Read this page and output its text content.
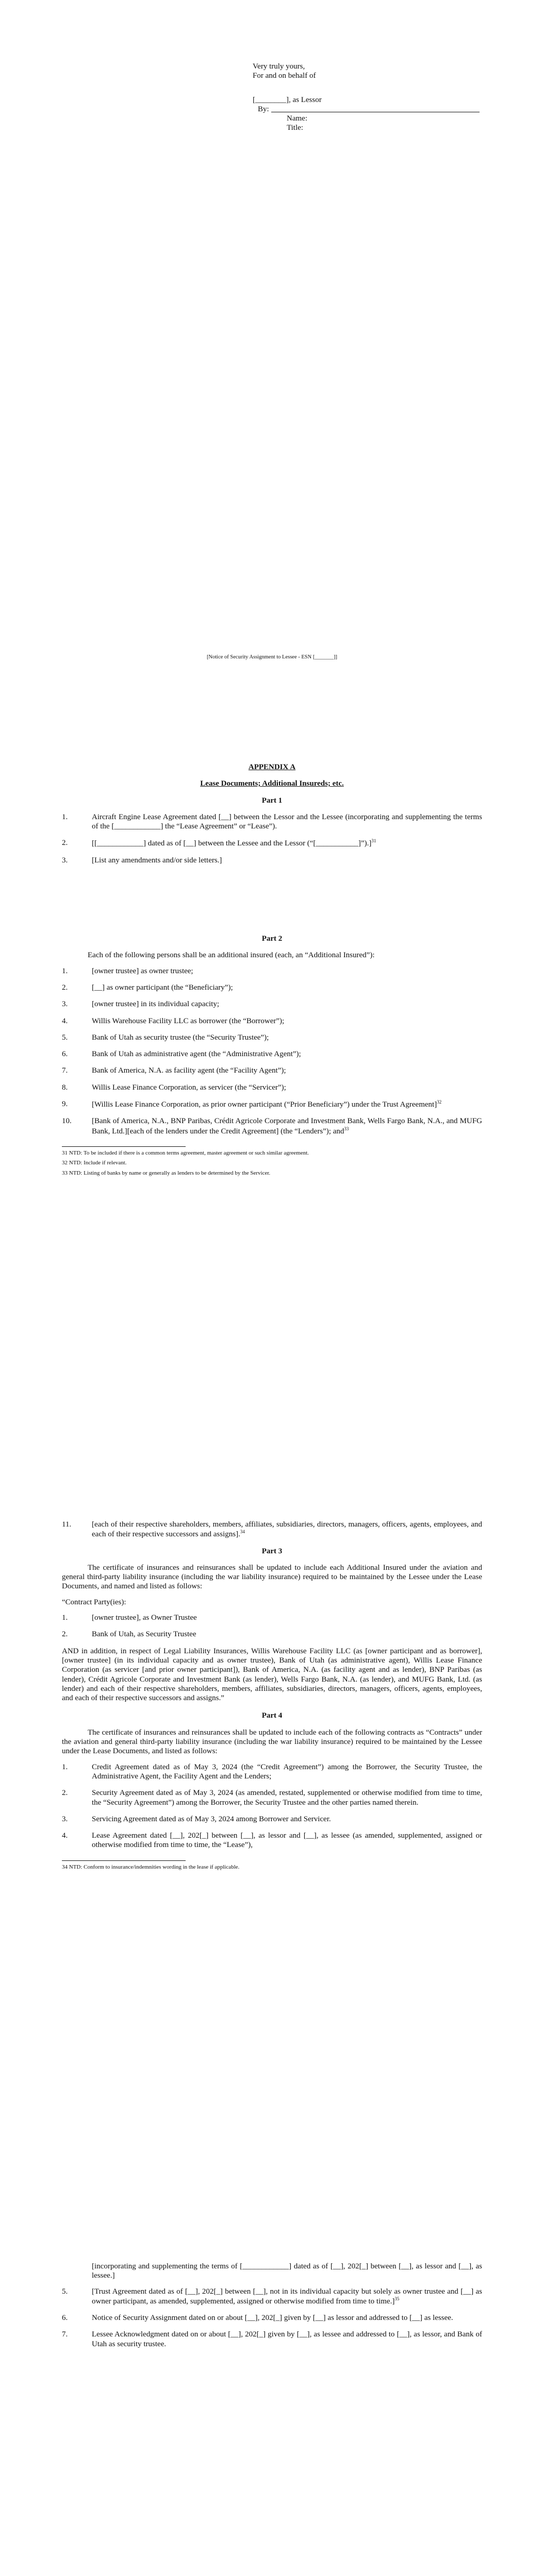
Very truly yours,
For and on behalf of
[________], as Lessor
By:
Name:
Title:
[Notice of Security Assignment to Lessee - ESN [_______]]
APPENDIX A
Lease Documents; Additional Insureds; etc.
Part 1
1.	Aircraft Engine Lease Agreement dated [__] between the Lessor and the Lessee (incorporating and supplementing the terms of the [____________] the “Lease Agreement” or “Lease”).
2.	[[____________] dated as of [__] between the Lessee and the Lessor (“[___________]”).]$^{31}$
3.	[List any amendments and/or side letters.]
Part 2

Each of the following persons shall be an additional insured (each, an “Additional Insured”):

1.	[owner trustee] as owner trustee;
2.	[__] as owner participant (the “Beneficiary”);
3.	[owner trustee] in its individual capacity;
4.	Willis Warehouse Facility LLC as borrower (the “Borrower”);
5.	Bank of Utah as security trustee (the “Security Trustee”);
6.	Bank of Utah as administrative agent (the “Administrative Agent”);
7.	Bank of America, N.A. as facility agent (the “Facility Agent”);
8.	Willis Lease Finance Corporation, as servicer (the “Servicer”);
9.	[Willis Lease Finance Corporation, as prior owner participant (“Prior Beneficiary”) under the Trust Agreement]$^{32}$
10.	[Bank of America, N.A., BNP Paribas, Crédit Agricole Corporate and Investment Bank, Wells Fargo Bank, N.A., and MUFG Bank, Ltd.][each of the lenders under the Credit Agreement] (the “Lenders”); and$^{33}$

31 NTD: To be included if there is a common terms agreement, master agreement or such similar agreement.

32 NTD: Include if relevant.

33 NTD: Listing of banks by name or generally as lenders to be determined by the Servicer.

11.	[each of their respective shareholders, members, affiliates, subsidiaries, directors, managers, officers, agents, employees, and each of their respective successors and assigns].$^{34}$
Part 3

The certificate of insurances and reinsurances shall be updated to include each Additional Insured under the aviation and general third-party liability insurance (including the war liability insurance) required to be maintained by the Lessee under the Lease Documents, and named and listed as follows:

“Contract Party(ies):

1.	[owner trustee], as Owner Trustee
2.	Bank of Utah, as Security Trustee

AND in addition, in respect of Legal Liability Insurances, Willis Warehouse Facility LLC (as [owner participant and as borrower], [owner trustee] (in its individual capacity and as owner trustee), Bank of Utah (as administrative agent), Willis Lease Finance Corporation (as servicer [and prior owner participant]), Bank of America, N.A. (as facility agent and as lender), BNP Paribas (as lender), Crédit Agricole Corporate and Investment Bank (as lender), Wells Fargo Bank, N.A. (as lender), and MUFG Bank, Ltd. (as lender) and each of their respective shareholders, members, affiliates, subsidiaries, directors, managers, officers, agents, employees, and each of their respective successors and assigns.”

Part 4

The certificate of insurances and reinsurances shall be updated to include each of the following contracts as “Contracts” under the aviation and general third-party liability insurance (including the war liability insurance) required to be maintained by the Lessee under the Lease Documents, and listed as follows:

1.	Credit Agreement dated as of May 3, 2024 (the “Credit Agreement”) among the Borrower, the Security Trustee, the Administrative Agent, the Facility Agent and the Lenders;
2.	Security Agreement dated as of May 3, 2024 (as amended, restated, supplemented or otherwise modified from time to time, the “Security Agreement”) among the Borrower, the Security Trustee and the other parties named therein.
3.	Servicing Agreement dated as of May 3, 2024 among Borrower and Servicer.
4.	Lease Agreement dated [__], 202[_] between [__], as lessor and [__], as lessee (as amended, supplemented, assigned or otherwise modified from time to time, the “Lease”),

34 NTD: Conform to insurance/indemnities wording in the lease if applicable.

[incorporating and supplementing the terms of [____________] dated as of [__], 202[_] between [__], as lessor and [__], as lessee.]

5.	[Trust Agreement dated as of [__], 202[_] between [__], not in its individual capacity but solely as owner trustee and [__] as owner participant, as amended, supplemented, assigned or otherwise modified from time to time.]$^{35}$
6.	Notice of Security Assignment dated on or about [__], 202[_] given by [__] as lessor and addressed to [__] as lessee.
7.	Lessee Acknowledgment dated on or about [__], 202[_] given by [__], as lessee and addressed to [__], as lessor, and Bank of Utah as security trustee.
